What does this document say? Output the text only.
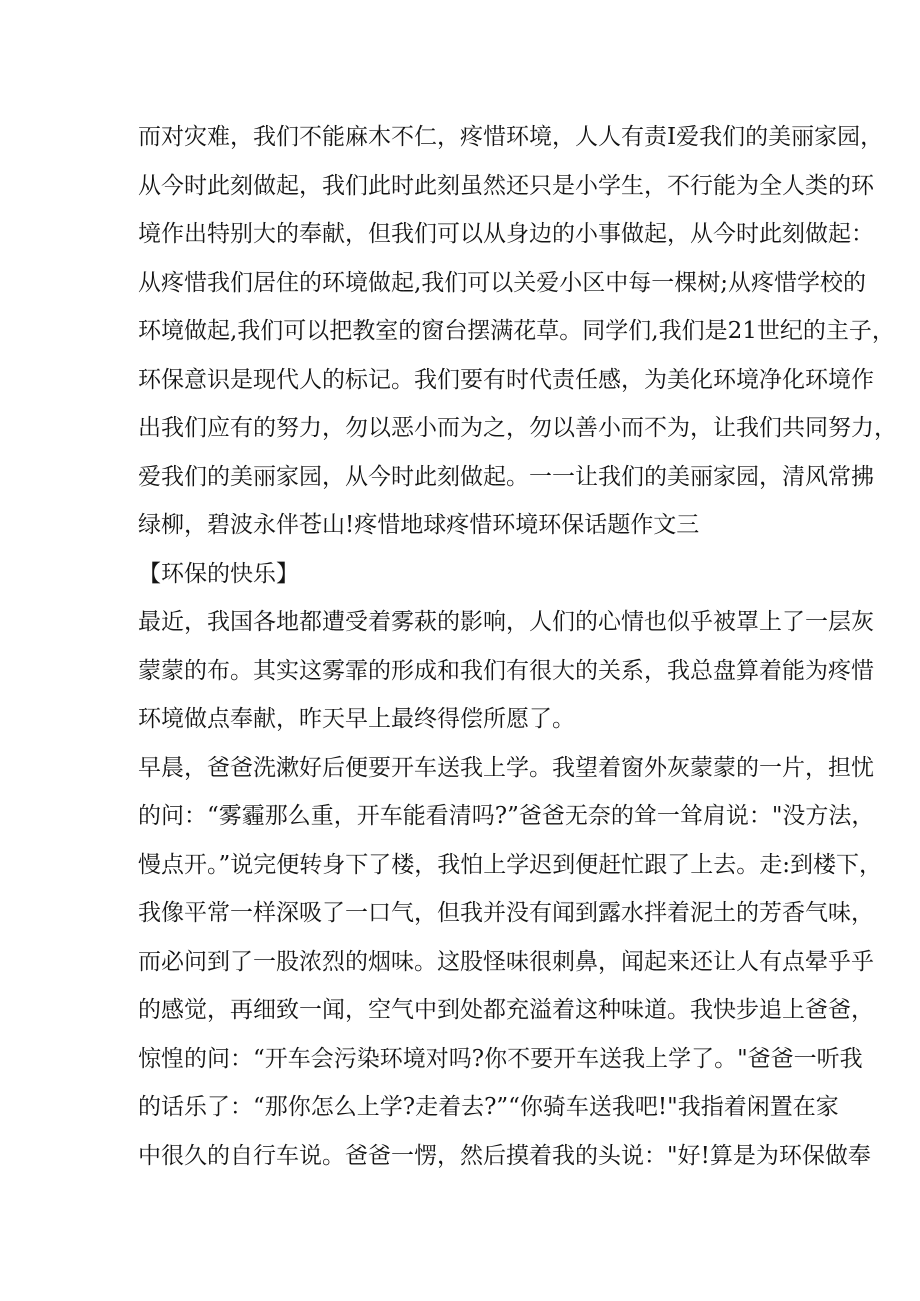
而对灾难，我们不能麻木不仁，疼惜环境，人人有责I爱我们的美丽家园，
从今时此刻做起，我们此时此刻虽然还只是小学生，不行能为全人类的环
境作出特别大的奉献，但我们可以从身边的小事做起，从今时此刻做起：
从疼惜我们居住的环境做起,我们可以关爱小区中每一棵树;从疼惜学校的
环境做起,我们可以把教室的窗台摆满花草。同学们,我们是21世纪的主子，
环保意识是现代人的标记。我们要有时代责任感，为美化环境净化环境作
出我们应有的努力，勿以恶小而为之，勿以善小而不为，让我们共同努力，
爱我们的美丽家园，从今时此刻做起。一一让我们的美丽家园，清风常拂
绿柳，碧波永伴苍山!疼惜地球疼惜环境环保话题作文三
【环保的快乐】
最近，我国各地都遭受着雾萩的影响，人们的心情也似乎被罩上了一层灰
蒙蒙的布。其实这雾霏的形成和我们有很大的关系，我总盘算着能为疼惜
环境做点奉献，昨天早上最终得偿所愿了。
早晨，爸爸洗漱好后便要开车送我上学。我望着窗外灰蒙蒙的一片，担忧
的问：“雾霾那么重，开车能看清吗?”爸爸无奈的耸一耸肩说："没方法，
慢点开。”说完便转身下了楼，我怕上学迟到便赶忙跟了上去。走:到楼下，
我像平常一样深吸了一口气，但我并没有闻到露水拌着泥土的芳香气味，
而必问到了一股浓烈的烟味。这股怪味很刺鼻，闻起来还让人有点晕乎乎
的感觉，再细致一闻，空气中到处都充溢着这种味道。我快步追上爸爸，
惊惶的问：“开车会污染环境对吗?你不要开车送我上学了。"爸爸一听我
的话乐了：“那你怎么上学?走着去?”“你骑车送我吧!"我指着闲置在家
中很久的自行车说。爸爸一愣，然后摸着我的头说："好!算是为环保做奉
